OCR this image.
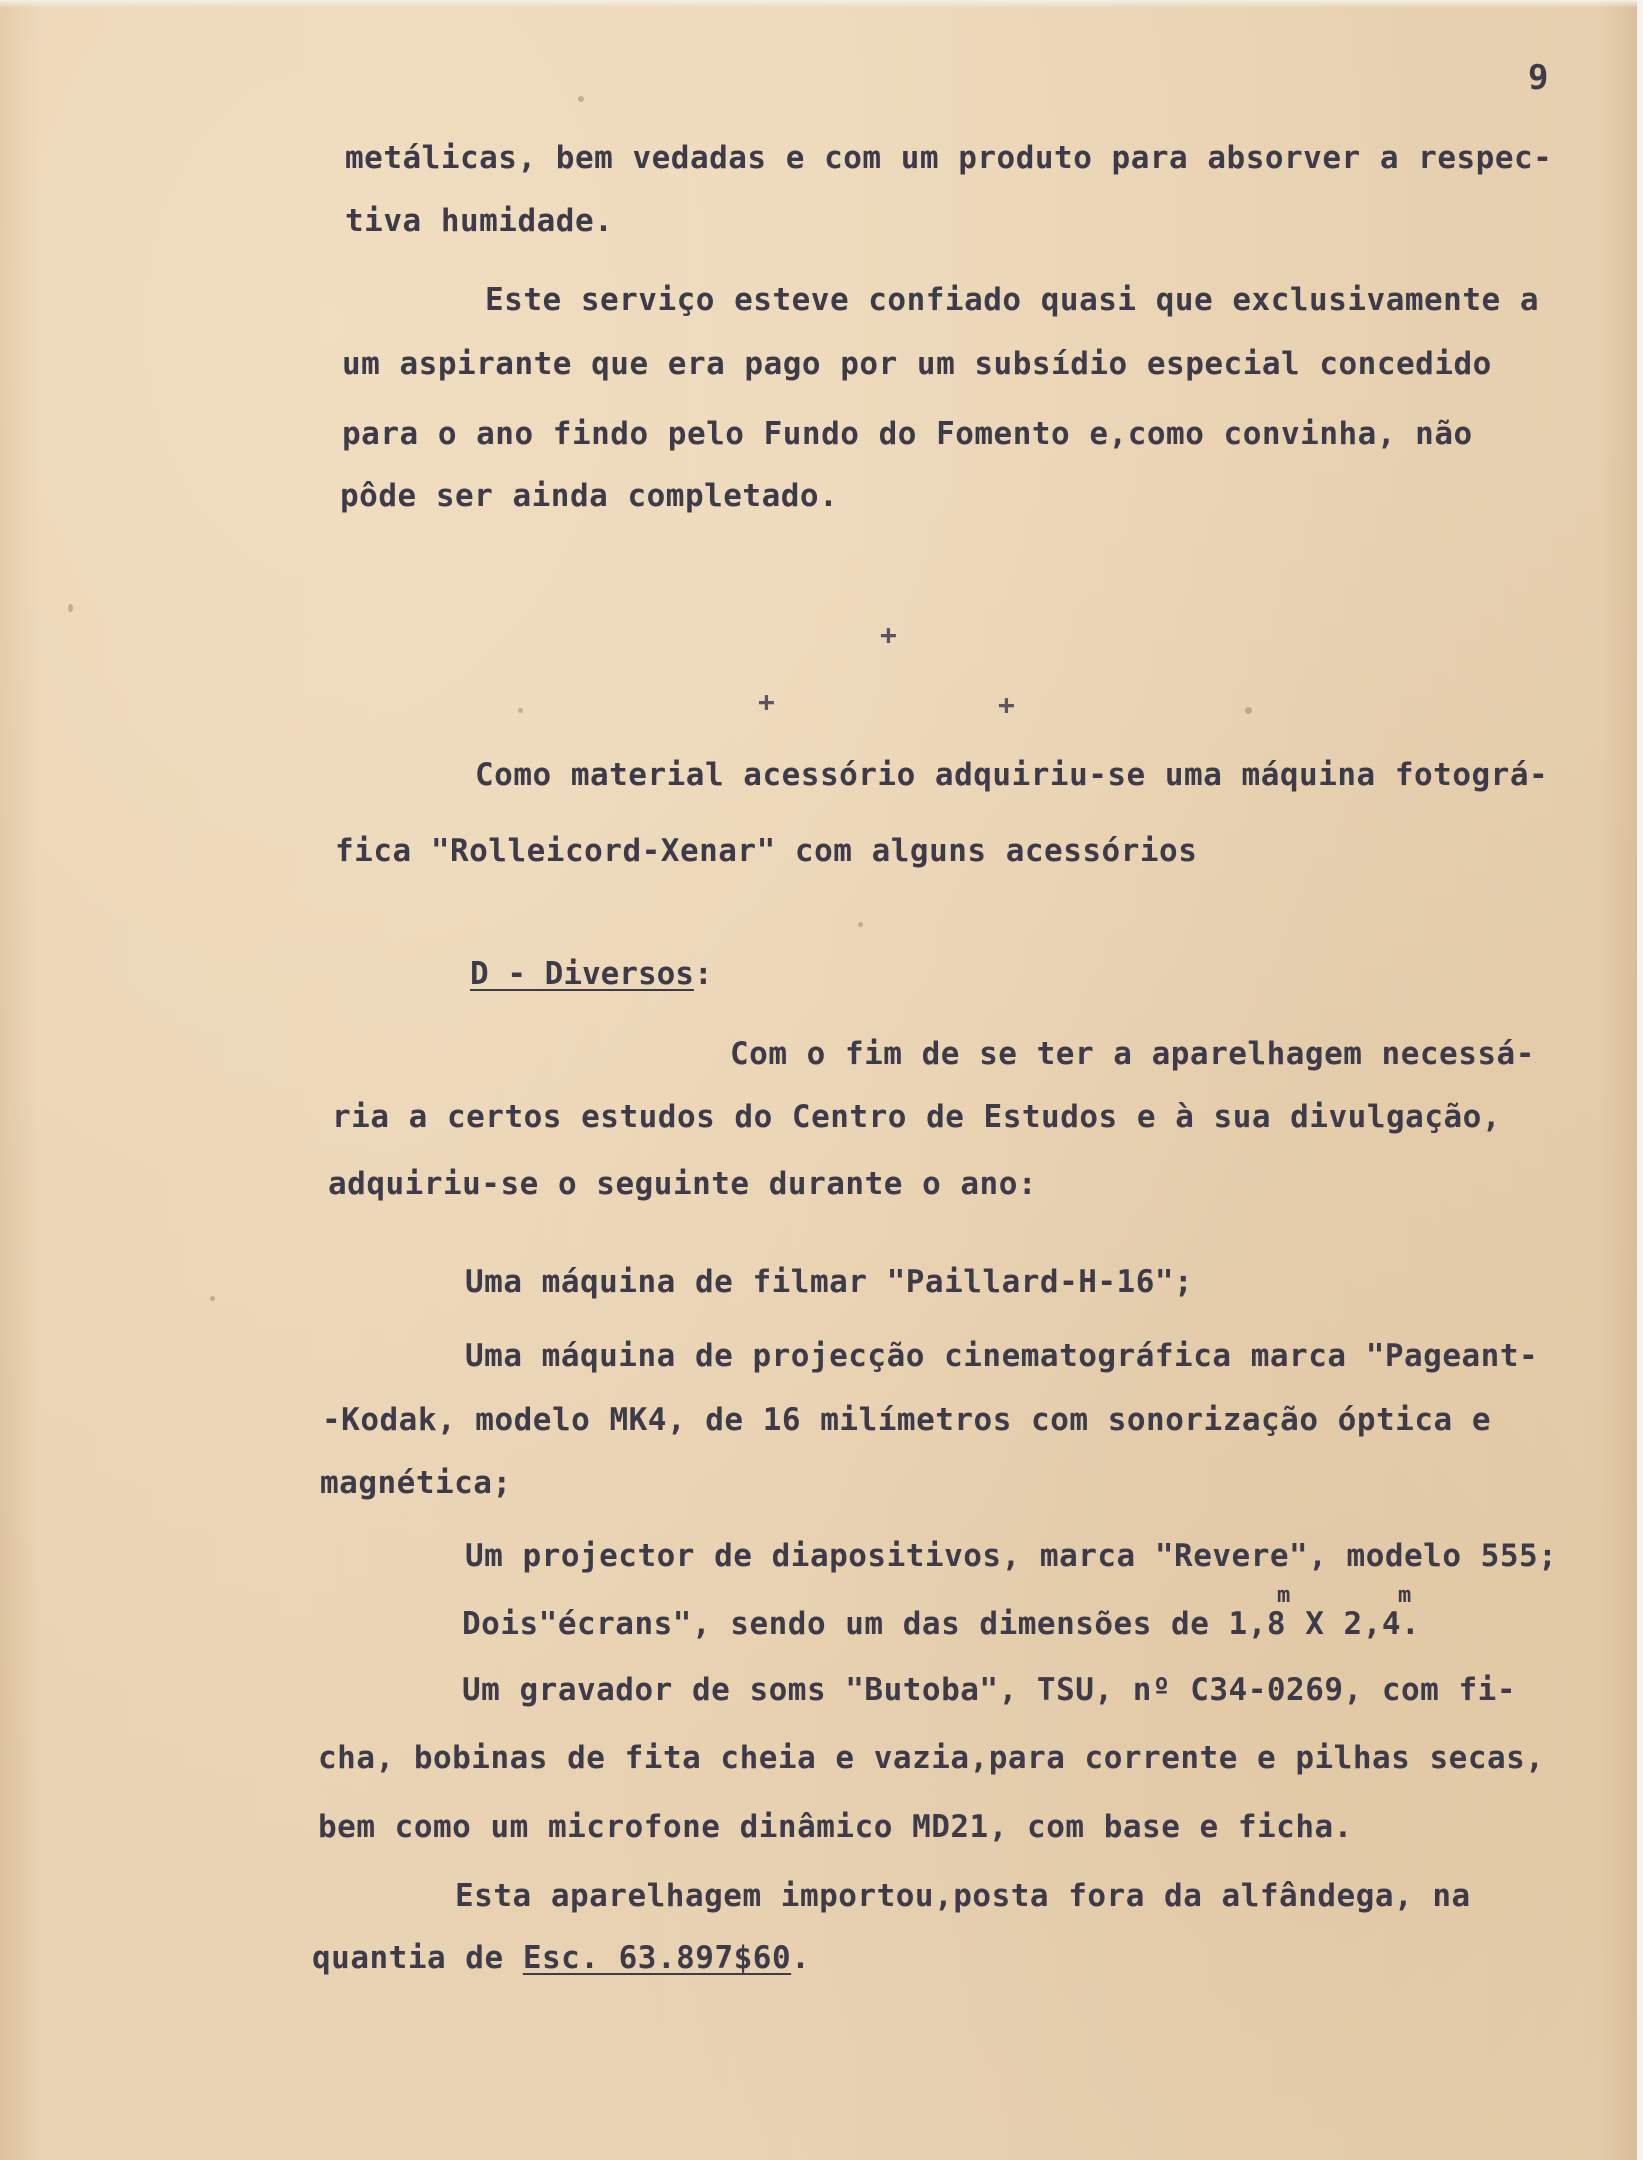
9
metálicas, bem vedadas e com um produto para absorver a respec-
tiva humidade.
Este serviço esteve confiado quasi que exclusivamente a
um aspirante que era pago por um subsídio especial concedido
para o ano findo pelo Fundo do Fomento e,como convinha, não
pôde ser ainda completado.
+
+	+
Como material acessório adquiriu-se uma máquina fotográ-
fica "Rolleicord-Xenar" com alguns acessórios
D - Diversos:
Com o fim de se ter a aparelhagem necessá-
ria a certos estudos do Centro de Estudos e à sua divulgação,
adquiriu-se o seguinte durante o ano:
Uma máquina de filmar "Paillard-H-16";
Uma máquina de projecção cinematográfica marca "Pageant-
-Kodak, modelo MK4, de 16 milímetros com sonorização óptica e
magnética;
Um projector de diapositivos, marca "Revere", modelo 555;
m	m
Dois"écrans", sendo um das dimensões de 1,8 X 2,4.
Um gravador de soms "Butoba", TSU, nº C34-0269, com fi-
cha, bobinas de fita cheia e vazia,para corrente e pilhas secas,
bem como um microfone dinâmico MD21, com base e ficha.
Esta aparelhagem importou,posta fora da alfândega, na
quantia de Esc. 63.897$60.
